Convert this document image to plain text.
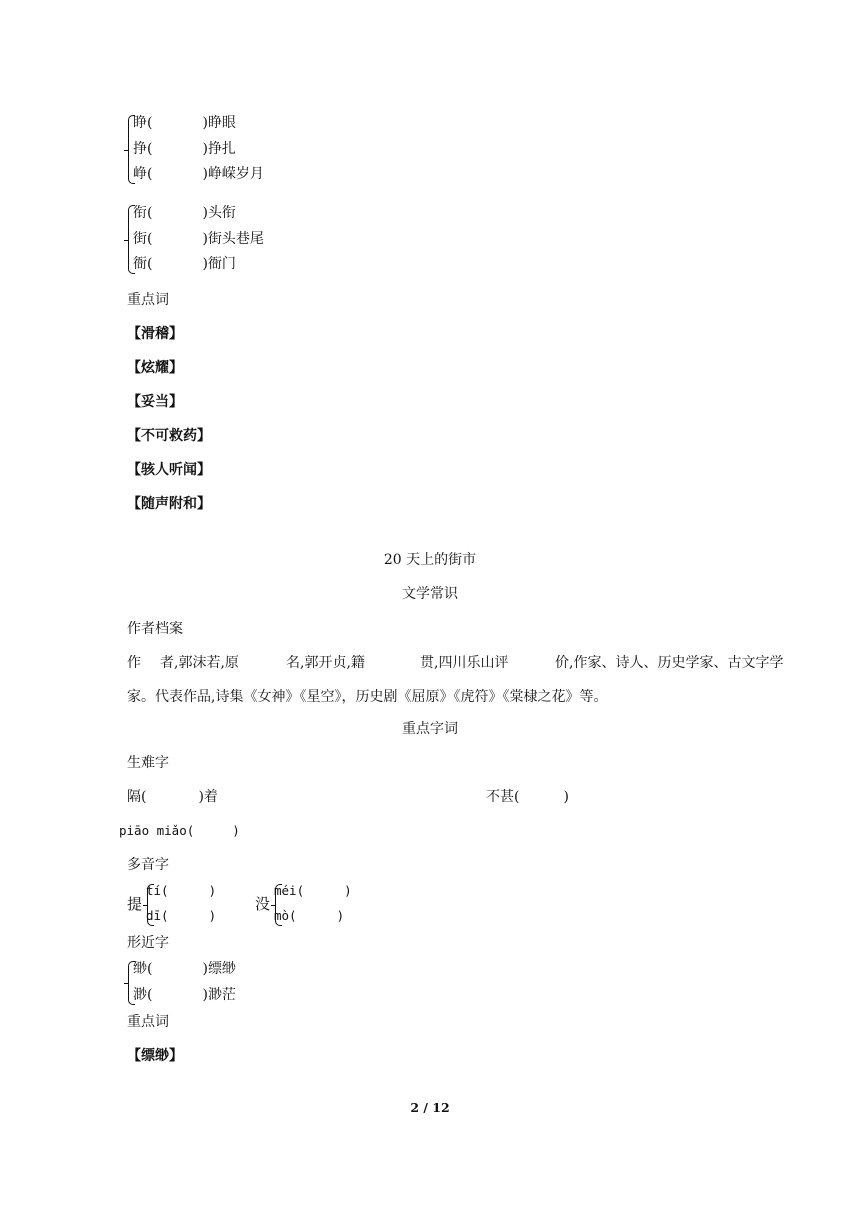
睁(	)睁眼
挣(	)挣扎
峥(	)峥嵘岁月
衔(	)头衔
街(	)街头巷尾
衙(	)衙门
重点词
【滑稽】
【炫耀】
【妥当】
【不可救药】
【骇人听闻】
【随声附和】
20 天上的街市
文学常识
作者档案
作 者,郭沫若,原	名,郭开贞,籍	贯,四川乐山评	价,作家、诗人、历史学家、古文字学
家。代表作品,诗集《女神》《星空》，历史剧《屈原》《虎符》《棠棣之花》等。
重点字词
生难字
隔(	)着	不甚(	)
piāo miǎo(	)
多音字
提
tí(	)
dī(	)
没
méi(	)
mò(	)
形近字
缈(	)缥缈
渺(	)渺茫
重点词
【缥缈】
2 / 12
